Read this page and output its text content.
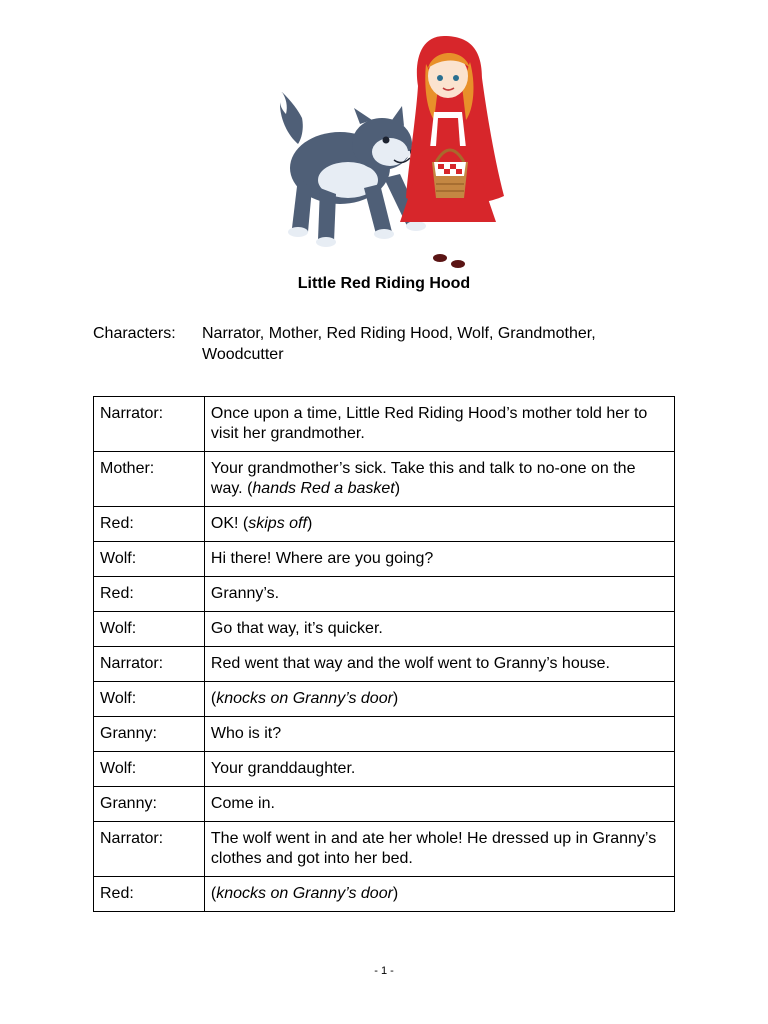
Little Red Riding Hood
Characters: Narrator, Mother, Red Riding Hood, Wolf, Grandmother, Woodcutter
Narrator:	Once upon a time, Little Red Riding Hood’s mother told her to visit her grandmother.
Mother:	Your grandmother’s sick. Take this and talk to no-one on the way. (hands Red a basket)
Red:	OK! (skips off)
Wolf:	Hi there! Where are you going?
Red:	Granny’s.
Wolf:	Go that way, it’s quicker.
Narrator:	Red went that way and the wolf went to Granny’s house.
Wolf:	(knocks on Granny’s door)
Granny:	Who is it?
Wolf:	Your granddaughter.
Granny:	Come in.
Narrator:	The wolf went in and ate her whole! He dressed up in Granny’s clothes and got into her bed.
Red:	(knocks on Granny’s door)
- 1 -
